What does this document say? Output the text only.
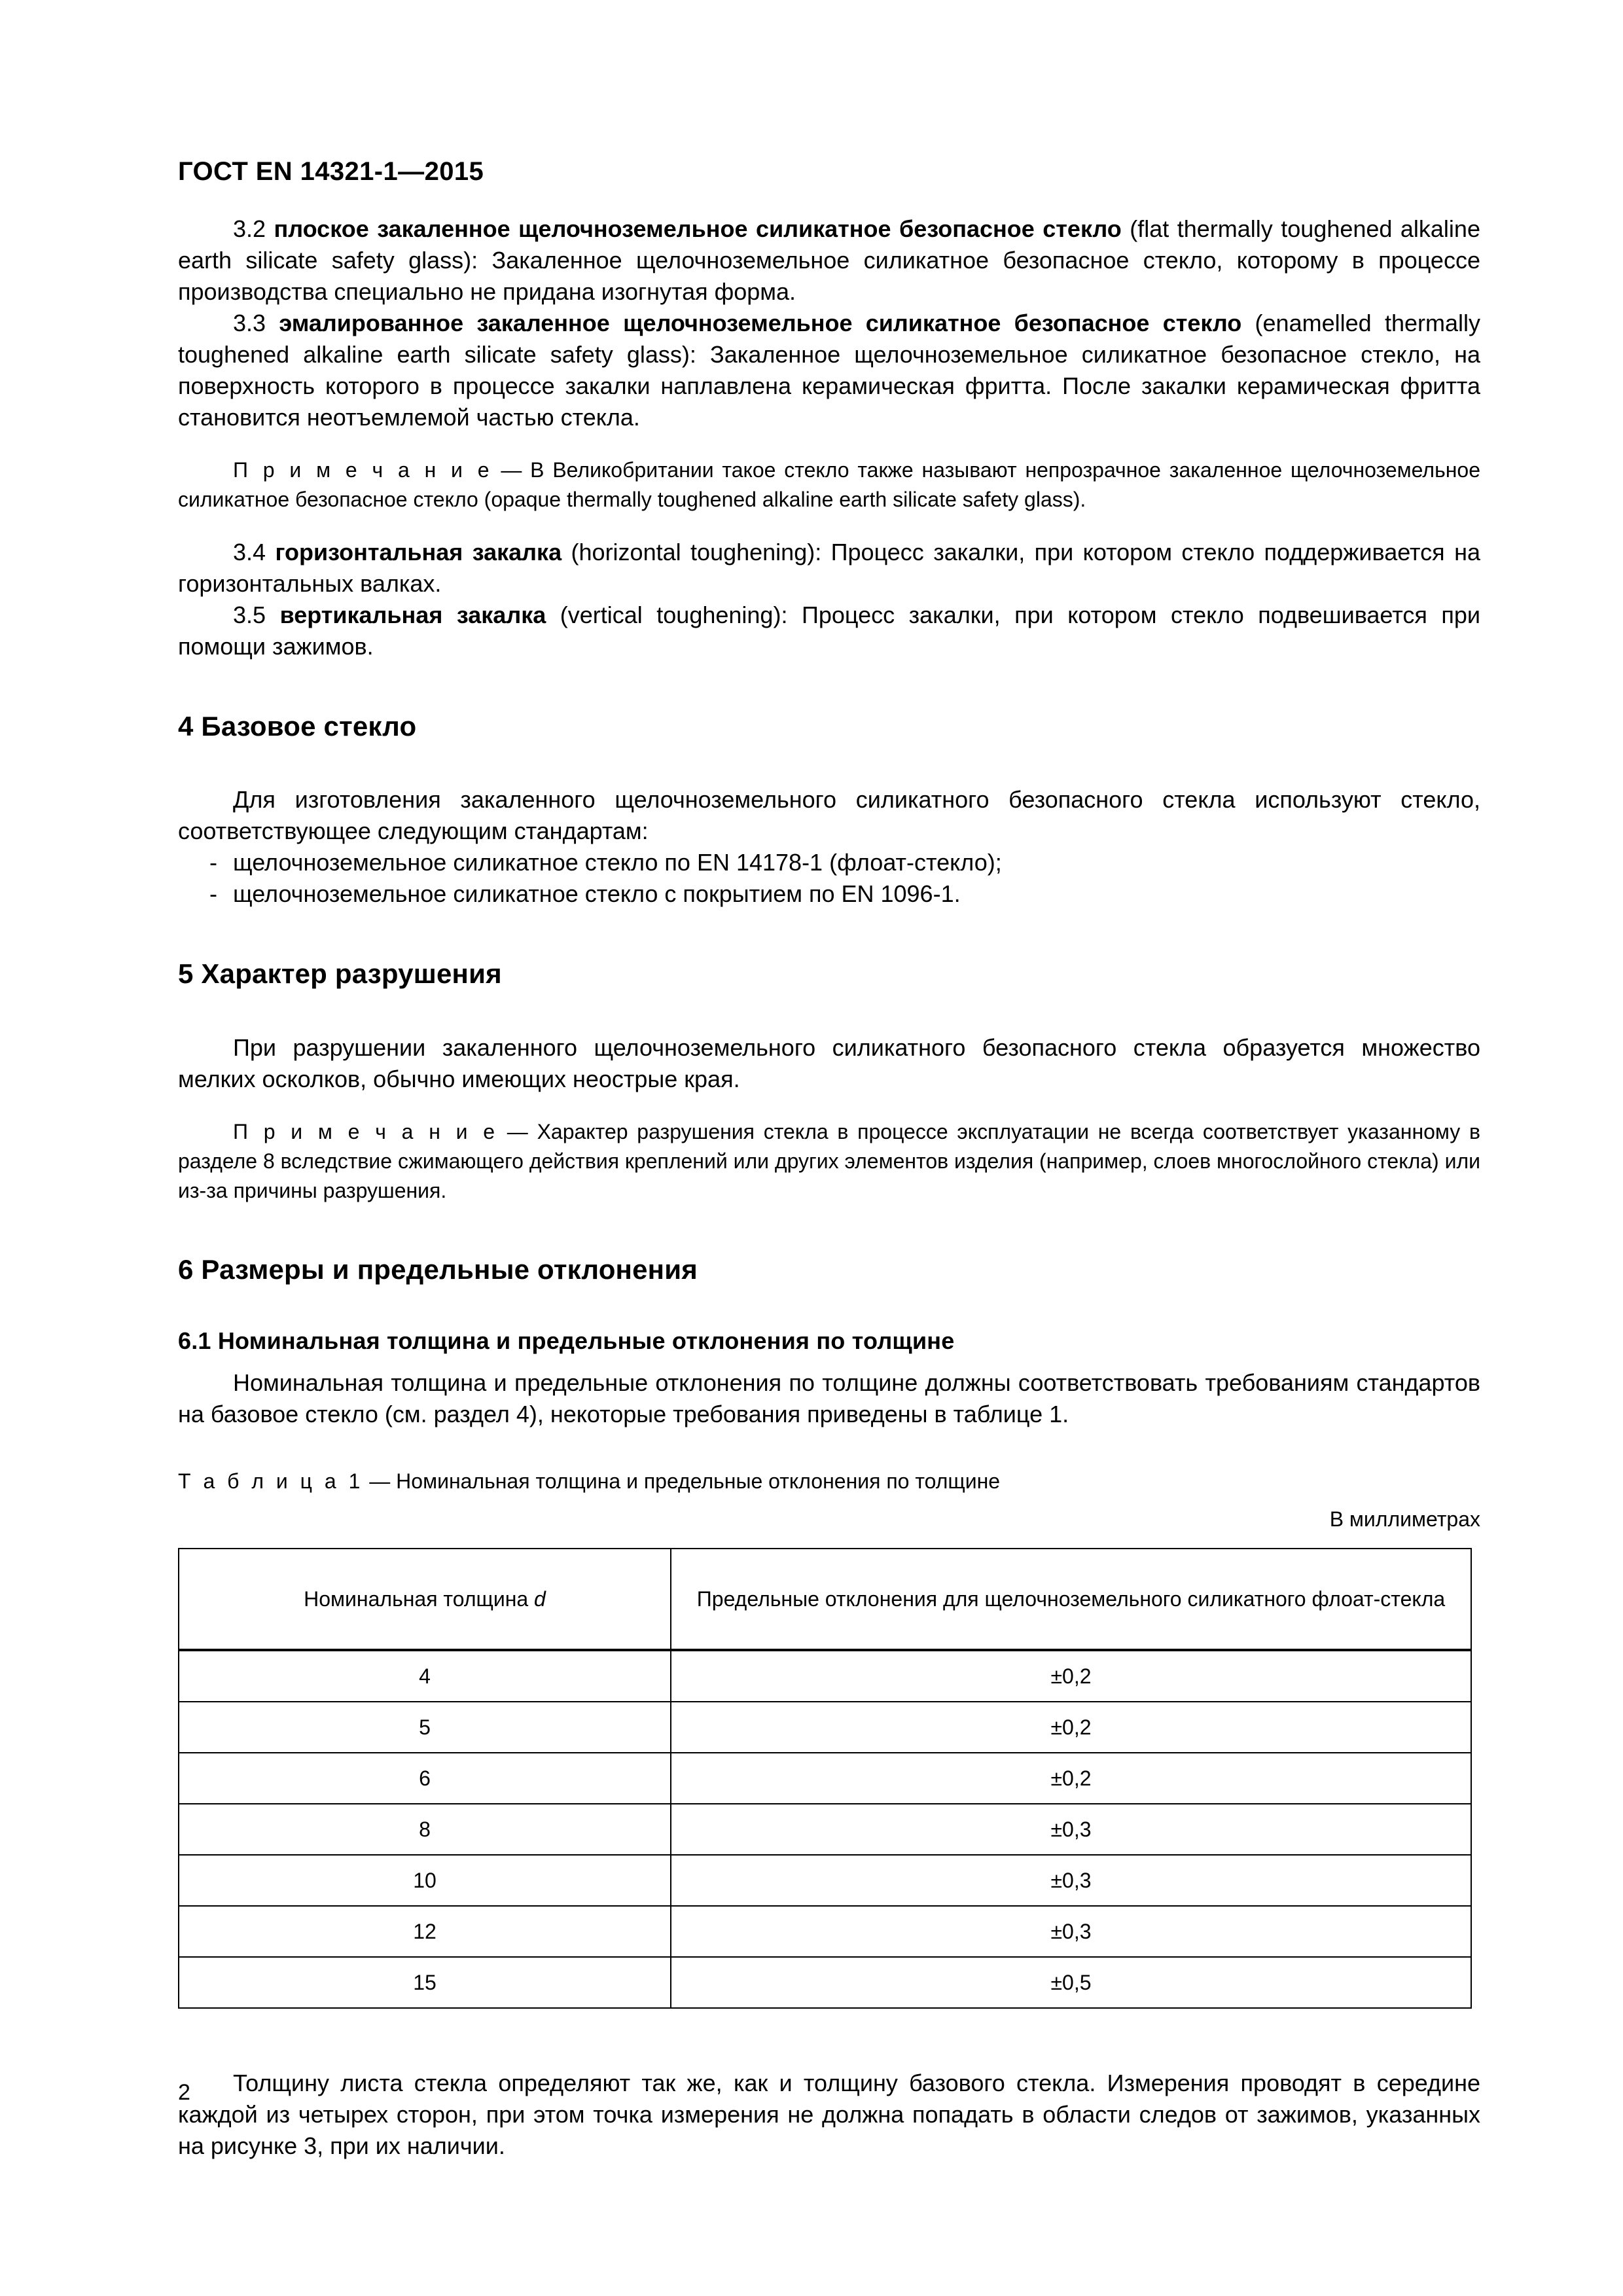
ГОСТ EN 14321-1—2015

3.2 плоское закаленное щелочноземельное силикатное безопасное стекло (flat thermally toughened alkaline earth silicate safety glass): Закаленное щелочноземельное силикатное безопасное стекло, которому в процессе производства специально не придана изогнутая форма.

3.3 эмалированное закаленное щелочноземельное силикатное безопасное стекло (enamelled thermally toughened alkaline earth silicate safety glass): Закаленное щелочноземельное силикатное безопасное стекло, на поверхность которого в процессе закалки наплавлена керамическая фритта. После закалки керамическая фритта становится неотъемлемой частью стекла.

П р и м е ч а н и е — В Великобритании такое стекло также называют непрозрачное закаленное щелочноземельное силикатное безопасное стекло (opaque thermally toughened alkaline earth silicate safety glass).

3.4 горизонтальная закалка (horizontal toughening): Процесс закалки, при котором стекло поддерживается на горизонтальных валках.

3.5 вертикальная закалка (vertical toughening): Процесс закалки, при котором стекло подвешивается при помощи зажимов.

4 Базовое стекло

Для изготовления закаленного щелочноземельного силикатного безопасного стекла используют стекло, соответствующее следующим стандартам:

- щелочноземельное силикатное стекло по EN 14178-1 (флоат-стекло);
- щелочноземельное силикатное стекло с покрытием по EN 1096-1.
5 Характер разрушения

При разрушении закаленного щелочноземельного силикатного безопасного стекла образуется множество мелких осколков, обычно имеющих неострые края.

П р и м е ч а н и е — Характер разрушения стекла в процессе эксплуатации не всегда соответствует указанному в разделе 8 вследствие сжимающего действия креплений или других элементов изделия (например, слоев многослойного стекла) или из-за причины разрушения.

6 Размеры и предельные отклонения
6.1 Номинальная толщина и предельные отклонения по толщине

Номинальная толщина и предельные отклонения по толщине должны соответствовать требованиям стандартов на базовое стекло (см. раздел 4), некоторые требования приведены в таблице 1.

Т а б л и ц а 1 — Номинальная толщина и предельные отклонения по толщине
В миллиметрах
Номинальная толщина d	Предельные отклонения для щелочноземельного силикатного флоат-стекла
4	±0,2
5	±0,2
6	±0,2
8	±0,3
10	±0,3
12	±0,3
15	±0,5

Толщину листа стекла определяют так же, как и толщину базового стекла. Измерения проводят в середине каждой из четырех сторон, при этом точка измерения не должна попадать в области следов от зажимов, указанных на рисунке 3, при их наличии.

2
